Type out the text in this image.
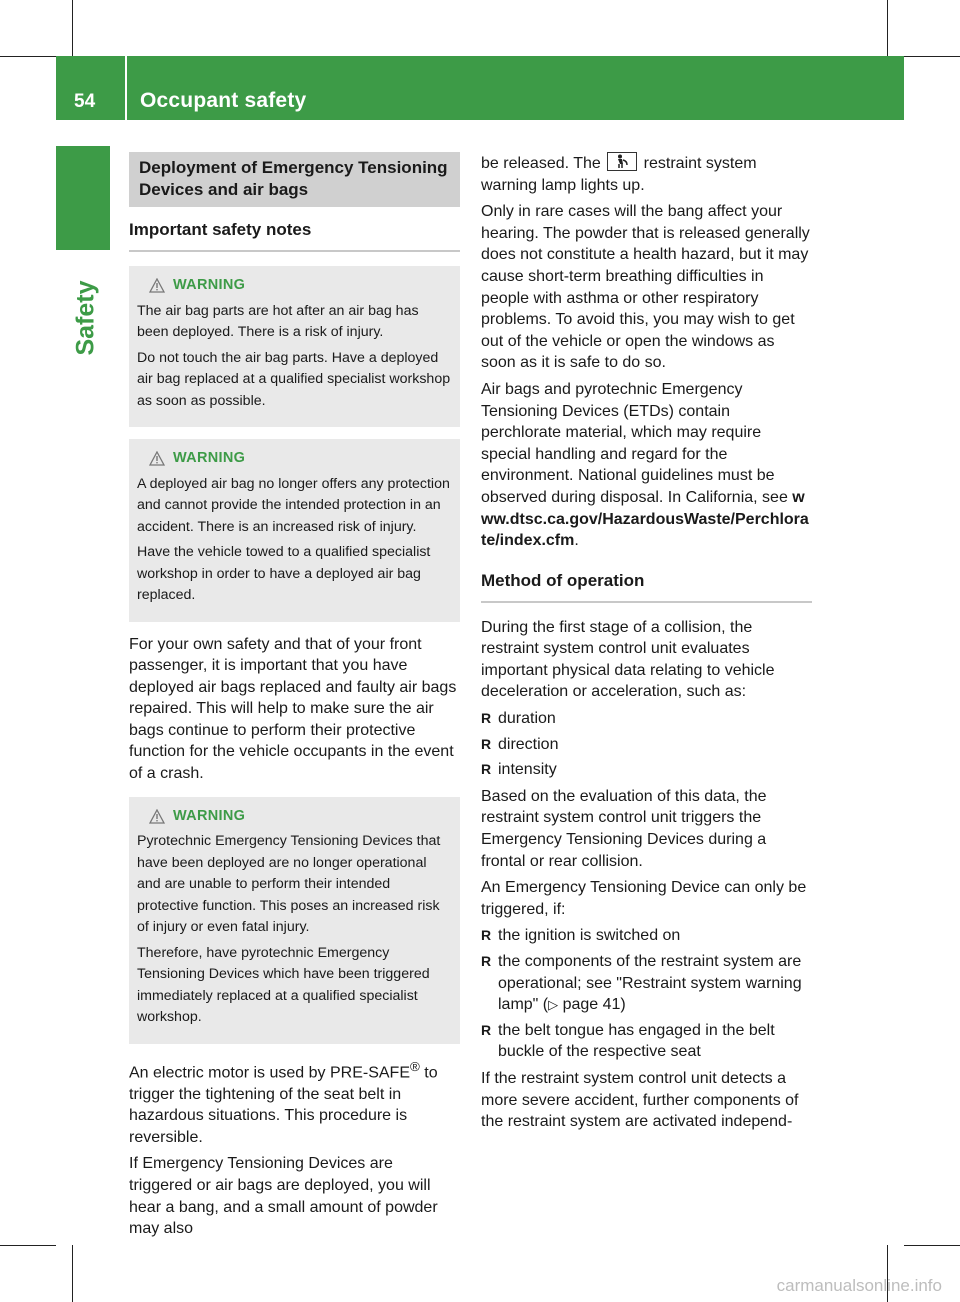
54 Occupant safety
Safety
Deployment of Emergency Tensioning Devices and air bags
Important safety notes
WARNING

The air bag parts are hot after an air bag has been deployed. There is a risk of injury.

Do not touch the air bag parts. Have a deployed air bag replaced at a qualified specialist workshop as soon as possible.

WARNING

A deployed air bag no longer offers any protection and cannot provide the intended protection in an accident. There is an increased risk of injury.

Have the vehicle towed to a qualified specialist workshop in order to have a deployed air bag replaced.

For your own safety and that of your front passenger, it is important that you have deployed air bags replaced and faulty air bags repaired. This will help to make sure the air bags continue to perform their protective function for the vehicle occupants in the event of a crash.

WARNING

Pyrotechnic Emergency Tensioning Devices that have been deployed are no longer operational and are unable to perform their intended protective function. This poses an increased risk of injury or even fatal injury.

Therefore, have pyrotechnic Emergency Tensioning Devices which have been triggered immediately replaced at a qualified specialist workshop.

An electric motor is used by PRE-SAFE® to trigger the tightening of the seat belt in hazardous situations. This procedure is reversible.

If Emergency Tensioning Devices are triggered or air bags are deployed, you will hear a bang, and a small amount of powder may also

be released. The
restraint system warning lamp lights up.

Only in rare cases will the bang affect your hearing. The powder that is released generally does not constitute a health hazard, but it may cause short-term breathing difficulties in people with asthma or other respiratory problems. To avoid this, you may wish to get out of the vehicle or open the windows as soon as it is safe to do so.

Air bags and pyrotechnic Emergency Tensioning Devices (ETDs) contain perchlorate material, which may require special handling and regard for the environment. National guidelines must be observed during disposal. In California, see www.dtsc.ca.gov/HazardousWaste/Perchlorate/index.cfm.

Method of operation

During the first stage of a collision, the restraint system control unit evaluates important physical data relating to vehicle deceleration or acceleration, such as:

R duration
R direction
R intensity

Based on the evaluation of this data, the restraint system control unit triggers the Emergency Tensioning Devices during a frontal or rear collision.

An Emergency Tensioning Device can only be triggered, if:

R the ignition is switched on
R the components of the restraint system are operational; see "Restraint system warning lamp" (▷ page 41)
R the belt tongue has engaged in the belt buckle of the respective seat

If the restraint system control unit detects a more severe accident, further components of the restraint system are activated independ-

carmanualsonline.info
